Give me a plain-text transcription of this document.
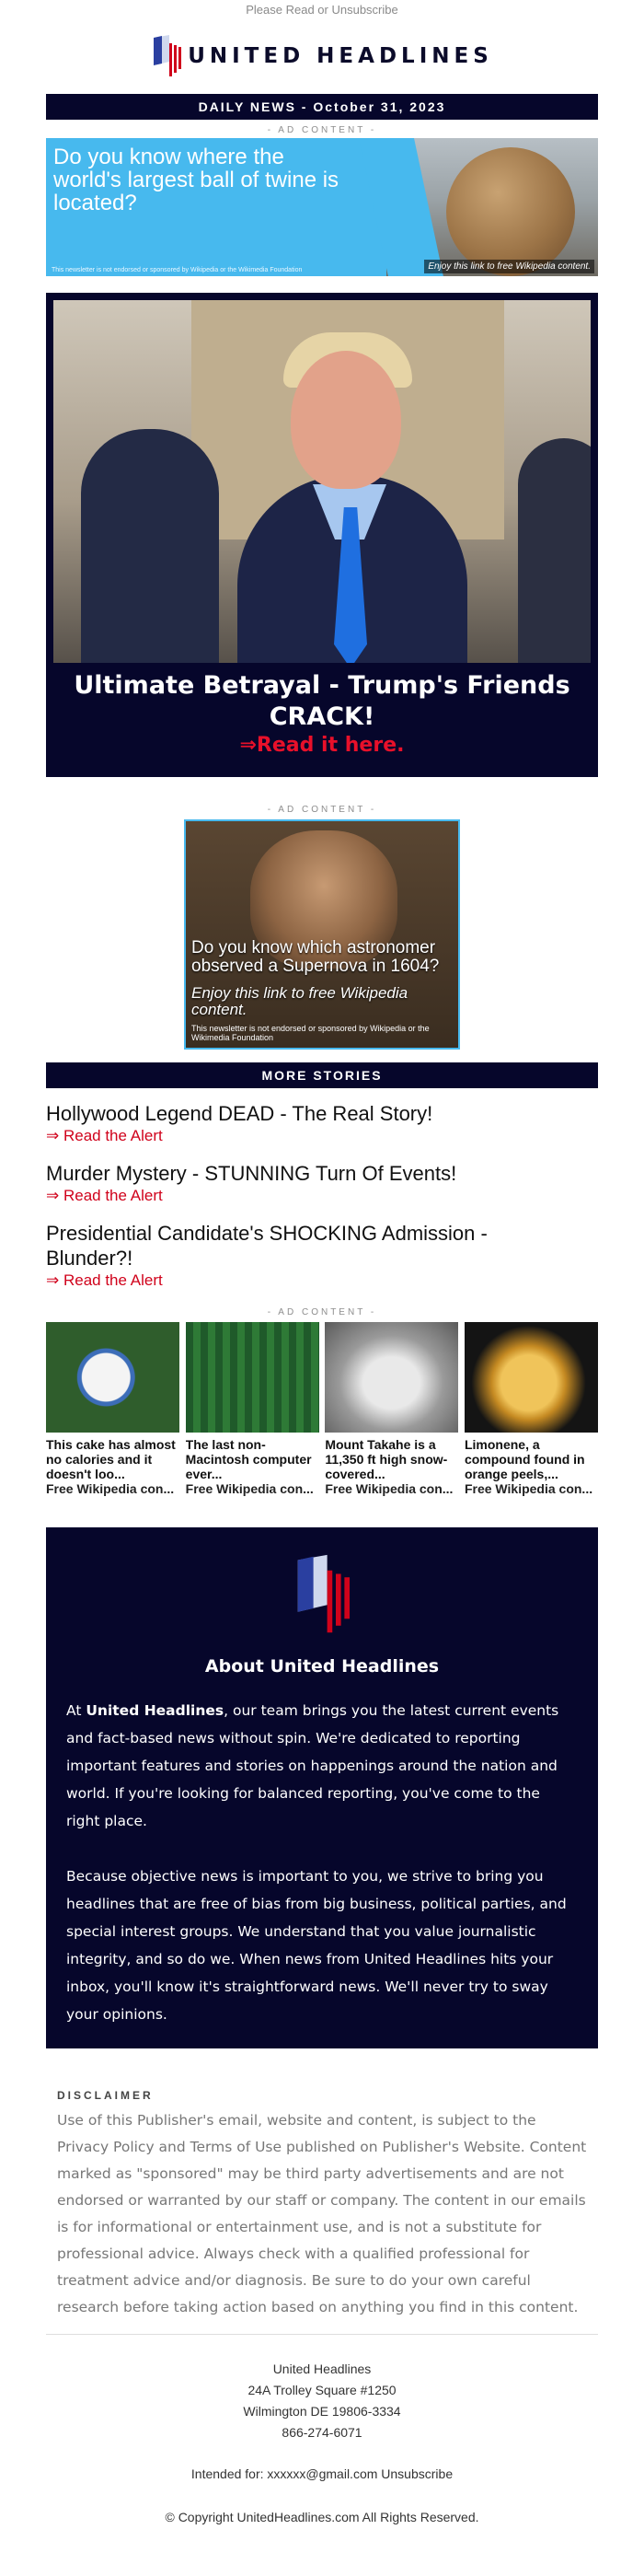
Please Read or Unsubscribe
UNITED HEADLINES
DAILY NEWS - October 31, 2023
- AD CONTENT -
Do you know where the world's largest ball of twine is located?
This newsletter is not endorsed or sponsored by Wikipedia or the Wikimedia Foundation	Enjoy this link to free Wikipedia content.
Ultimate Betrayal - Trump's Friends CRACK!
⇒Read it here.
- AD CONTENT -
Do you know which astronomer observed a Supernova in 1604?
Enjoy this link to free Wikipedia content.
This newsletter is not endorsed or sponsored by Wikipedia or the Wikimedia Foundation
MORE STORIES
Hollywood Legend DEAD - The Real Story!
⇒ Read the Alert
Murder Mystery - STUNNING Turn Of Events!
⇒ Read the Alert
Presidential Candidate's SHOCKING Admission - Blunder?!
⇒ Read the Alert
- AD CONTENT -
This cake has almost no calories and it doesn't loo...
Free Wikipedia con...
The last non-Macintosh computer ever...
Free Wikipedia con...
Mount Takahe is a 11,350 ft high snow-covered...
Free Wikipedia con...
Limonene, a compound found in orange peels,...
Free Wikipedia con...
About United Headlines

At United Headlines, our team brings you the latest current events and fact-based news without spin. We're dedicated to reporting important features and stories on happenings around the nation and world. If you're looking for balanced reporting, you've come to the right place.

Because objective news is important to you, we strive to bring you headlines that are free of bias from big business, political parties, and special interest groups. We understand that you value journalistic integrity, and so do we. When news from United Headlines hits your inbox, you'll know it's straightforward news. We'll never try to sway your opinions.

DISCLAIMER
Use of this Publisher's email, website and content, is subject to the Privacy Policy and Terms of Use published on Publisher's Website. Content marked as "sponsored" may be third party advertisements and are not endorsed or warranted by our staff or company. The content in our emails is for informational or entertainment use, and is not a substitute for professional advice. Always check with a qualified professional for treatment advice and/or diagnosis. Be sure to do your own careful research before taking action based on anything you find in this content.
United Headlines
24A Trolley Square #1250
Wilmington DE 19806-3334
866-274-6071
Intended for: xxxxxx@gmail.com Unsubscribe
© Copyright UnitedHeadlines.com All Rights Reserved.
